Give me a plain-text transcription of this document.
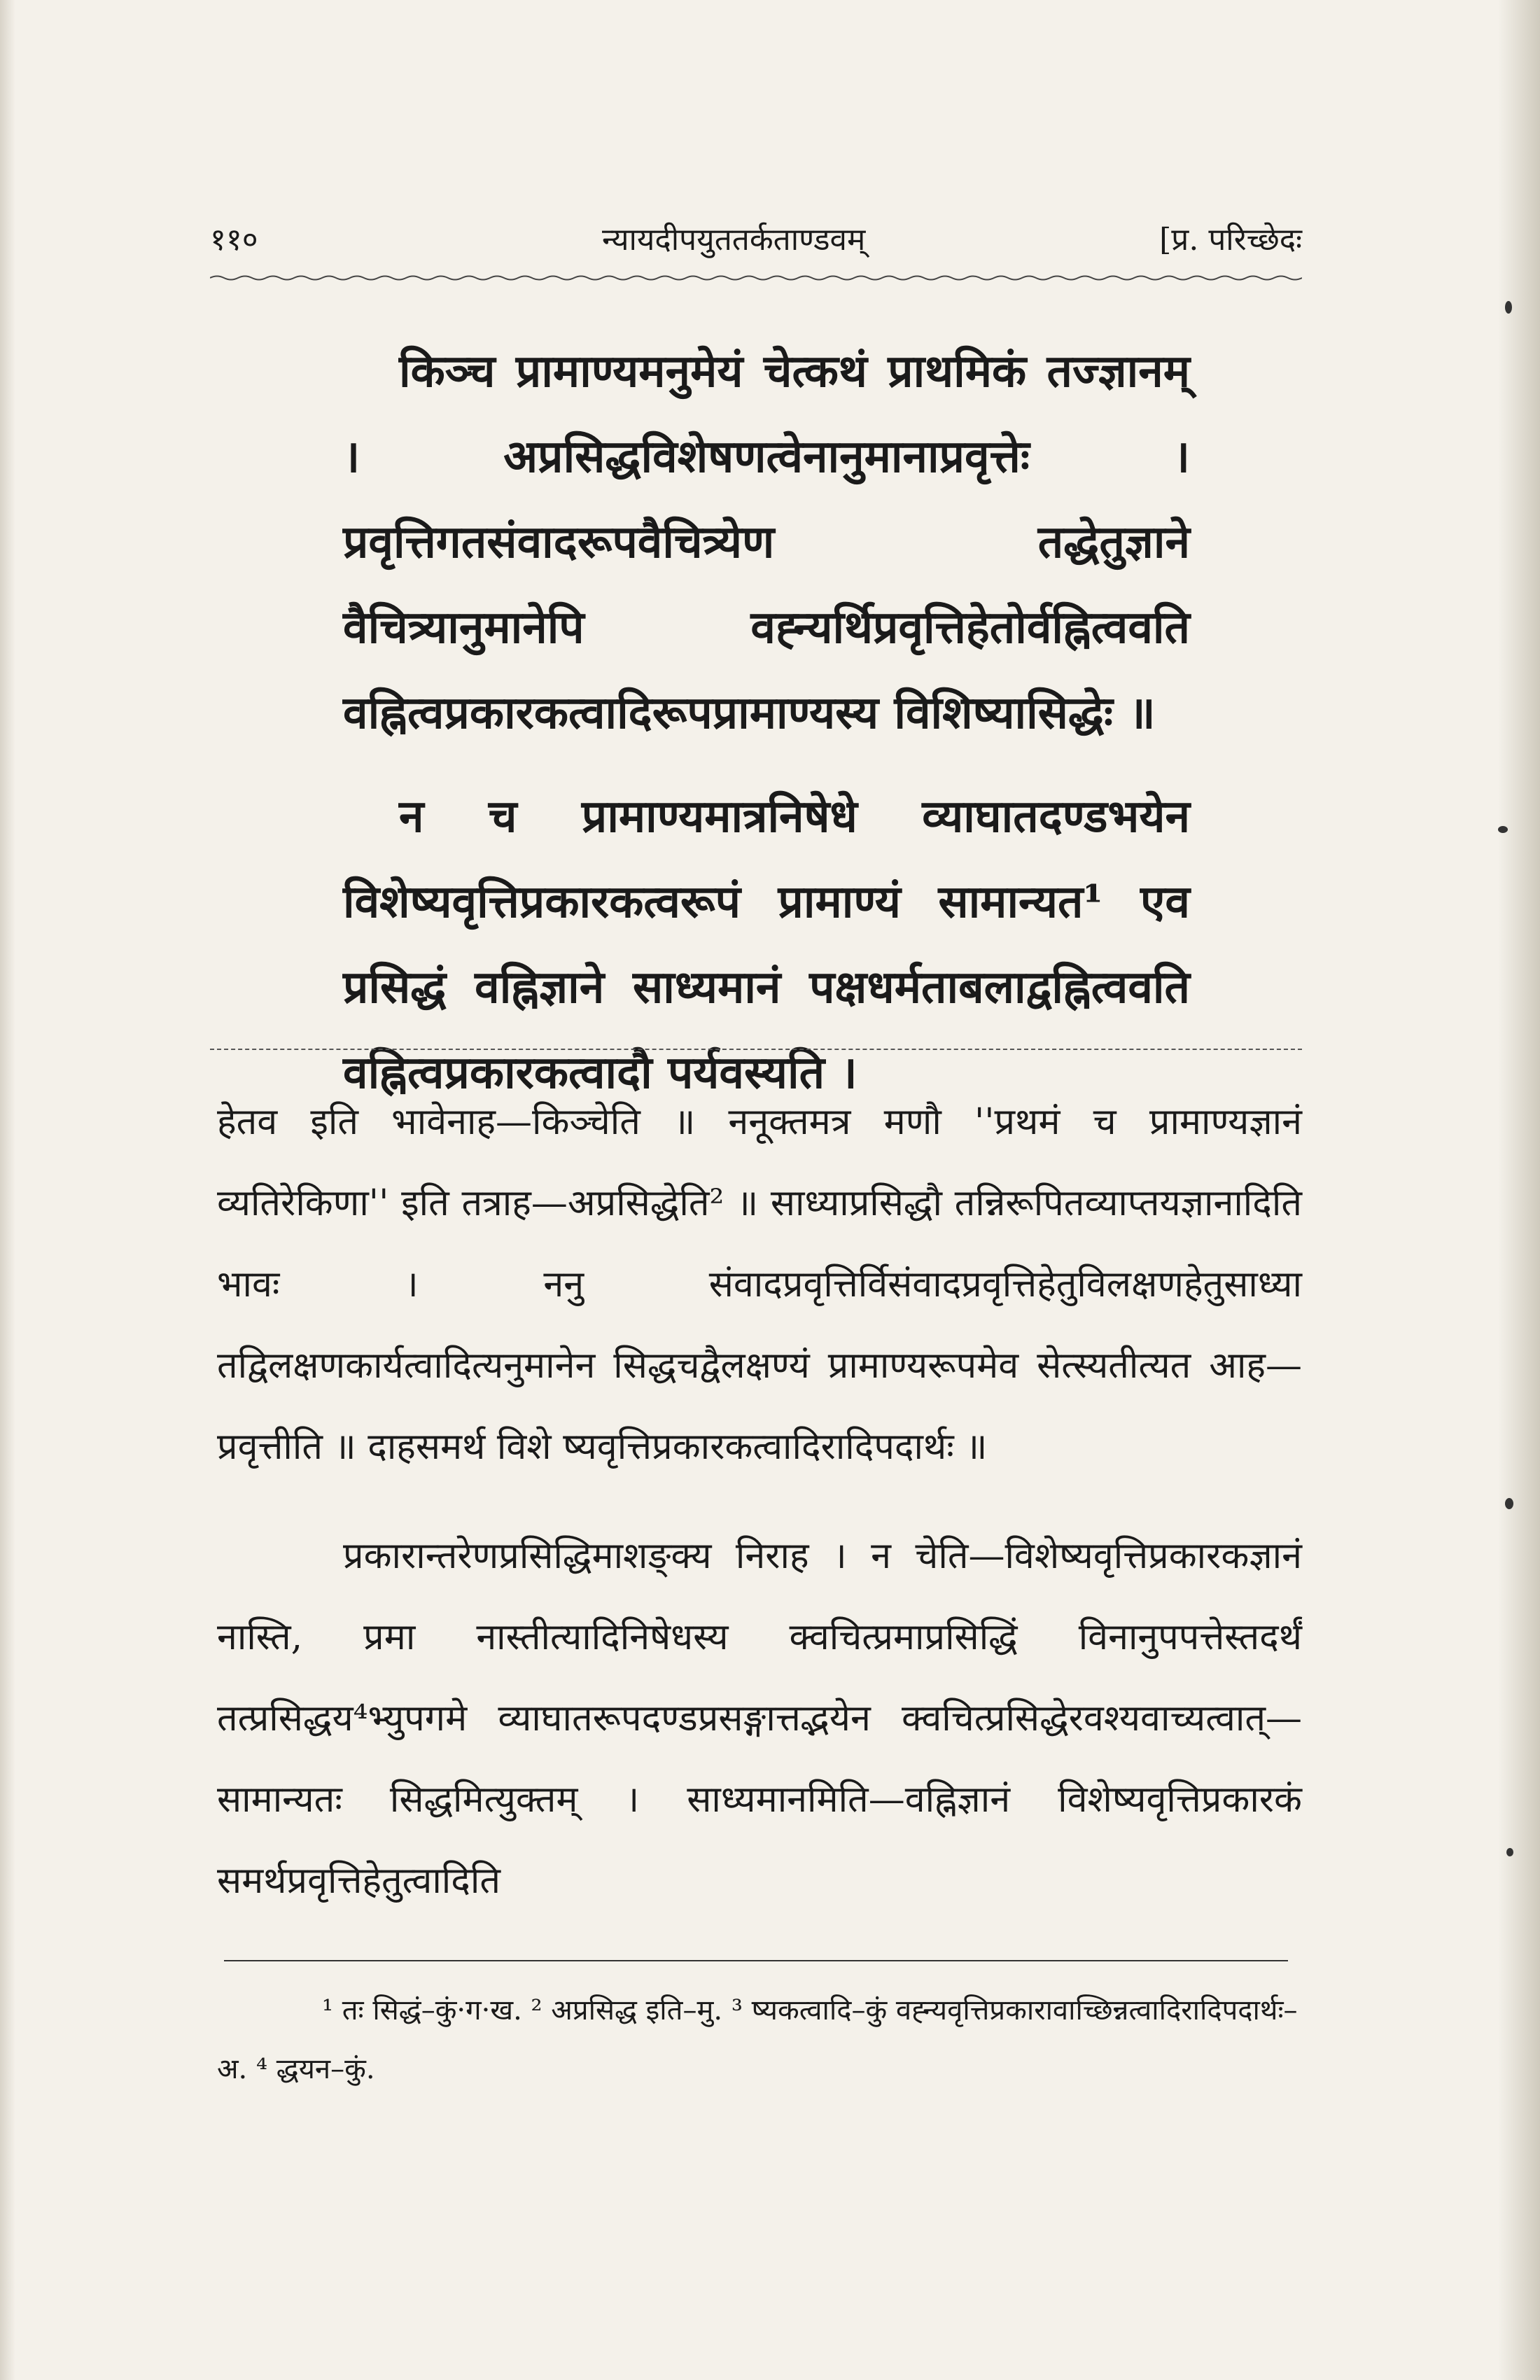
११०	न्यायदीपयुततर्कताण्डवम्	[प्र. परिच्छेदः

किञ्च प्रामाण्यमनुमेयं चेत्कथं प्राथमिकं तज्ज्ञानम् । अप्रसिद्धविशेषणत्वेनानुमानाप्रवृत्तेः । प्रवृत्तिगतसंवादरूपवैचित्र्येण तद्धेतुज्ञाने वैचित्र्यानुमानेपि वह्न्यर्थिप्रवृत्तिहेतोर्वह्नित्ववति वह्नित्वप्रकारकत्वादिरूपप्रामाण्यस्य विशिष्यासिद्धेः ॥

न च प्रामाण्यमात्रनिषेधे व्याघातदण्डभयेन विशेष्यवृत्तिप्रकारकत्वरूपं प्रामाण्यं सामान्यत¹ एव प्रसिद्धं वह्निज्ञाने साध्यमानं पक्षधर्मताबलाद्वह्नित्ववति वह्नित्वप्रकारकत्वादौ पर्यवस्यति ।

हेतव इति भावेनाह—किञ्चेति ॥ ननूक्तमत्र मणौ ''प्रथमं च प्रामाण्यज्ञानं व्यतिरेकिणा'' इति तत्राह—अप्रसिद्धेति² ॥ साध्याप्रसिद्धौ तन्निरूपितव्याप्तयज्ञानादिति भावः । ननु संवादप्रवृत्तिर्विसंवादप्रवृत्तिहेतुविलक्षणहेतुसाध्या तद्विलक्षणकार्यत्वादित्यनुमानेन सिद्धचद्वैलक्षण्यं प्रामाण्यरूपमेव सेत्स्यतीत्यत आह—प्रवृत्तीति ॥ दाहसमर्थ विशे ष्यवृत्तिप्रकारकत्वादिरादिपदार्थः ॥

प्रकारान्तरेणप्रसिद्धिमाशङ्क्य निराह । न चेति—विशेष्यवृत्तिप्रकारकज्ञानं नास्ति, प्रमा नास्तीत्यादिनिषेधस्य क्वचित्प्रमाप्रसिद्धिं विनानुपपत्तेस्तदर्थं तत्प्रसिद्धय⁴भ्युपगमे व्याघातरूपदण्डप्रसङ्गात्तद्भयेन क्वचित्प्रसिद्धेरवश्यवाच्यत्वात्—सामान्यतः सिद्धमित्युक्तम् । साध्यमानमिति—वह्निज्ञानं विशेष्यवृत्तिप्रकारकं समर्थप्रवृत्तिहेतुत्वादिति

¹ तः सिद्धं–कुं·ग·ख. ² अप्रसिद्ध इति–मु. ³ ष्यकत्वादि–कुं वह्न्यवृत्तिप्रकारावाच्छिन्नत्वादिरादिपदार्थः–अ. ⁴ द्धयन–कुं.
